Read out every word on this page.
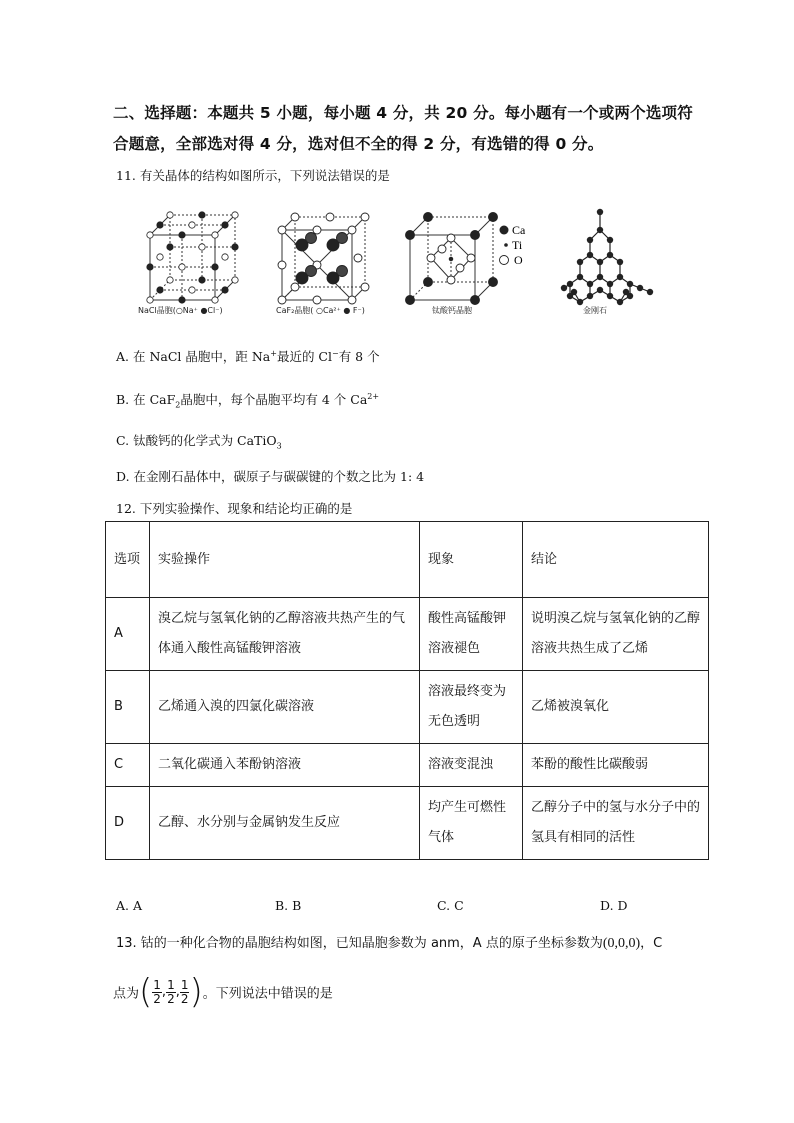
二、选择题：本题共 5 小题，每小题 4 分，共 20 分。每小题有一个或两个选项符合题意，全部选对得 4 分，选对但不全的得 2 分，有选错的得 0 分。
11. 有关晶体的结构如图所示，下列说法错误的是
Ca
Ti
O
NaCl晶胞(○Na⁺ ●Cl⁻)	CaF₂晶胞( ○Ca²⁺ ● F⁻)	钛酸钙晶胞	金刚石
A. 在 NaCl 晶胞中，距 Na+最近的 Cl−有 8 个
B. 在 CaF$_2$晶胞中，每个晶胞平均有 4 个 $Ca^{2+}$
C. 钛酸钙的化学式为 CaTiO$_3$
D. 在金刚石晶体中，碳原子与碳碳键的个数之比为 1: 4
12. 下列实验操作、现象和结论均正确的是
选项	实验操作	现象	结论
A	溴乙烷与氢氧化钠的乙醇溶液共热产生的气体通入酸性高锰酸钾溶液	酸性高锰酸钾溶液褪色	说明溴乙烷与氢氧化钠的乙醇溶液共热生成了乙烯
B	乙烯通入溴的四氯化碳溶液	溶液最终变为无色透明	乙烯被溴氧化
C	二氧化碳通入苯酚钠溶液	溶液变混浊	苯酚的酸性比碳酸弱
D	乙醇、水分别与金属钠发生反应	均产生可燃性气体	乙醇分子中的氢与水分子中的氢具有相同的活性
A. A	B. B	C. C	D. D
13. 钴的一种化合物的晶胞结构如图，已知晶胞参数为 anm，A 点的原子坐标参数为(0,0,0)，C
点为( $\frac{1}{2}$ , $\frac{1}{2}$ , $\frac{1}{2}$ )。下列说法中错误的是
